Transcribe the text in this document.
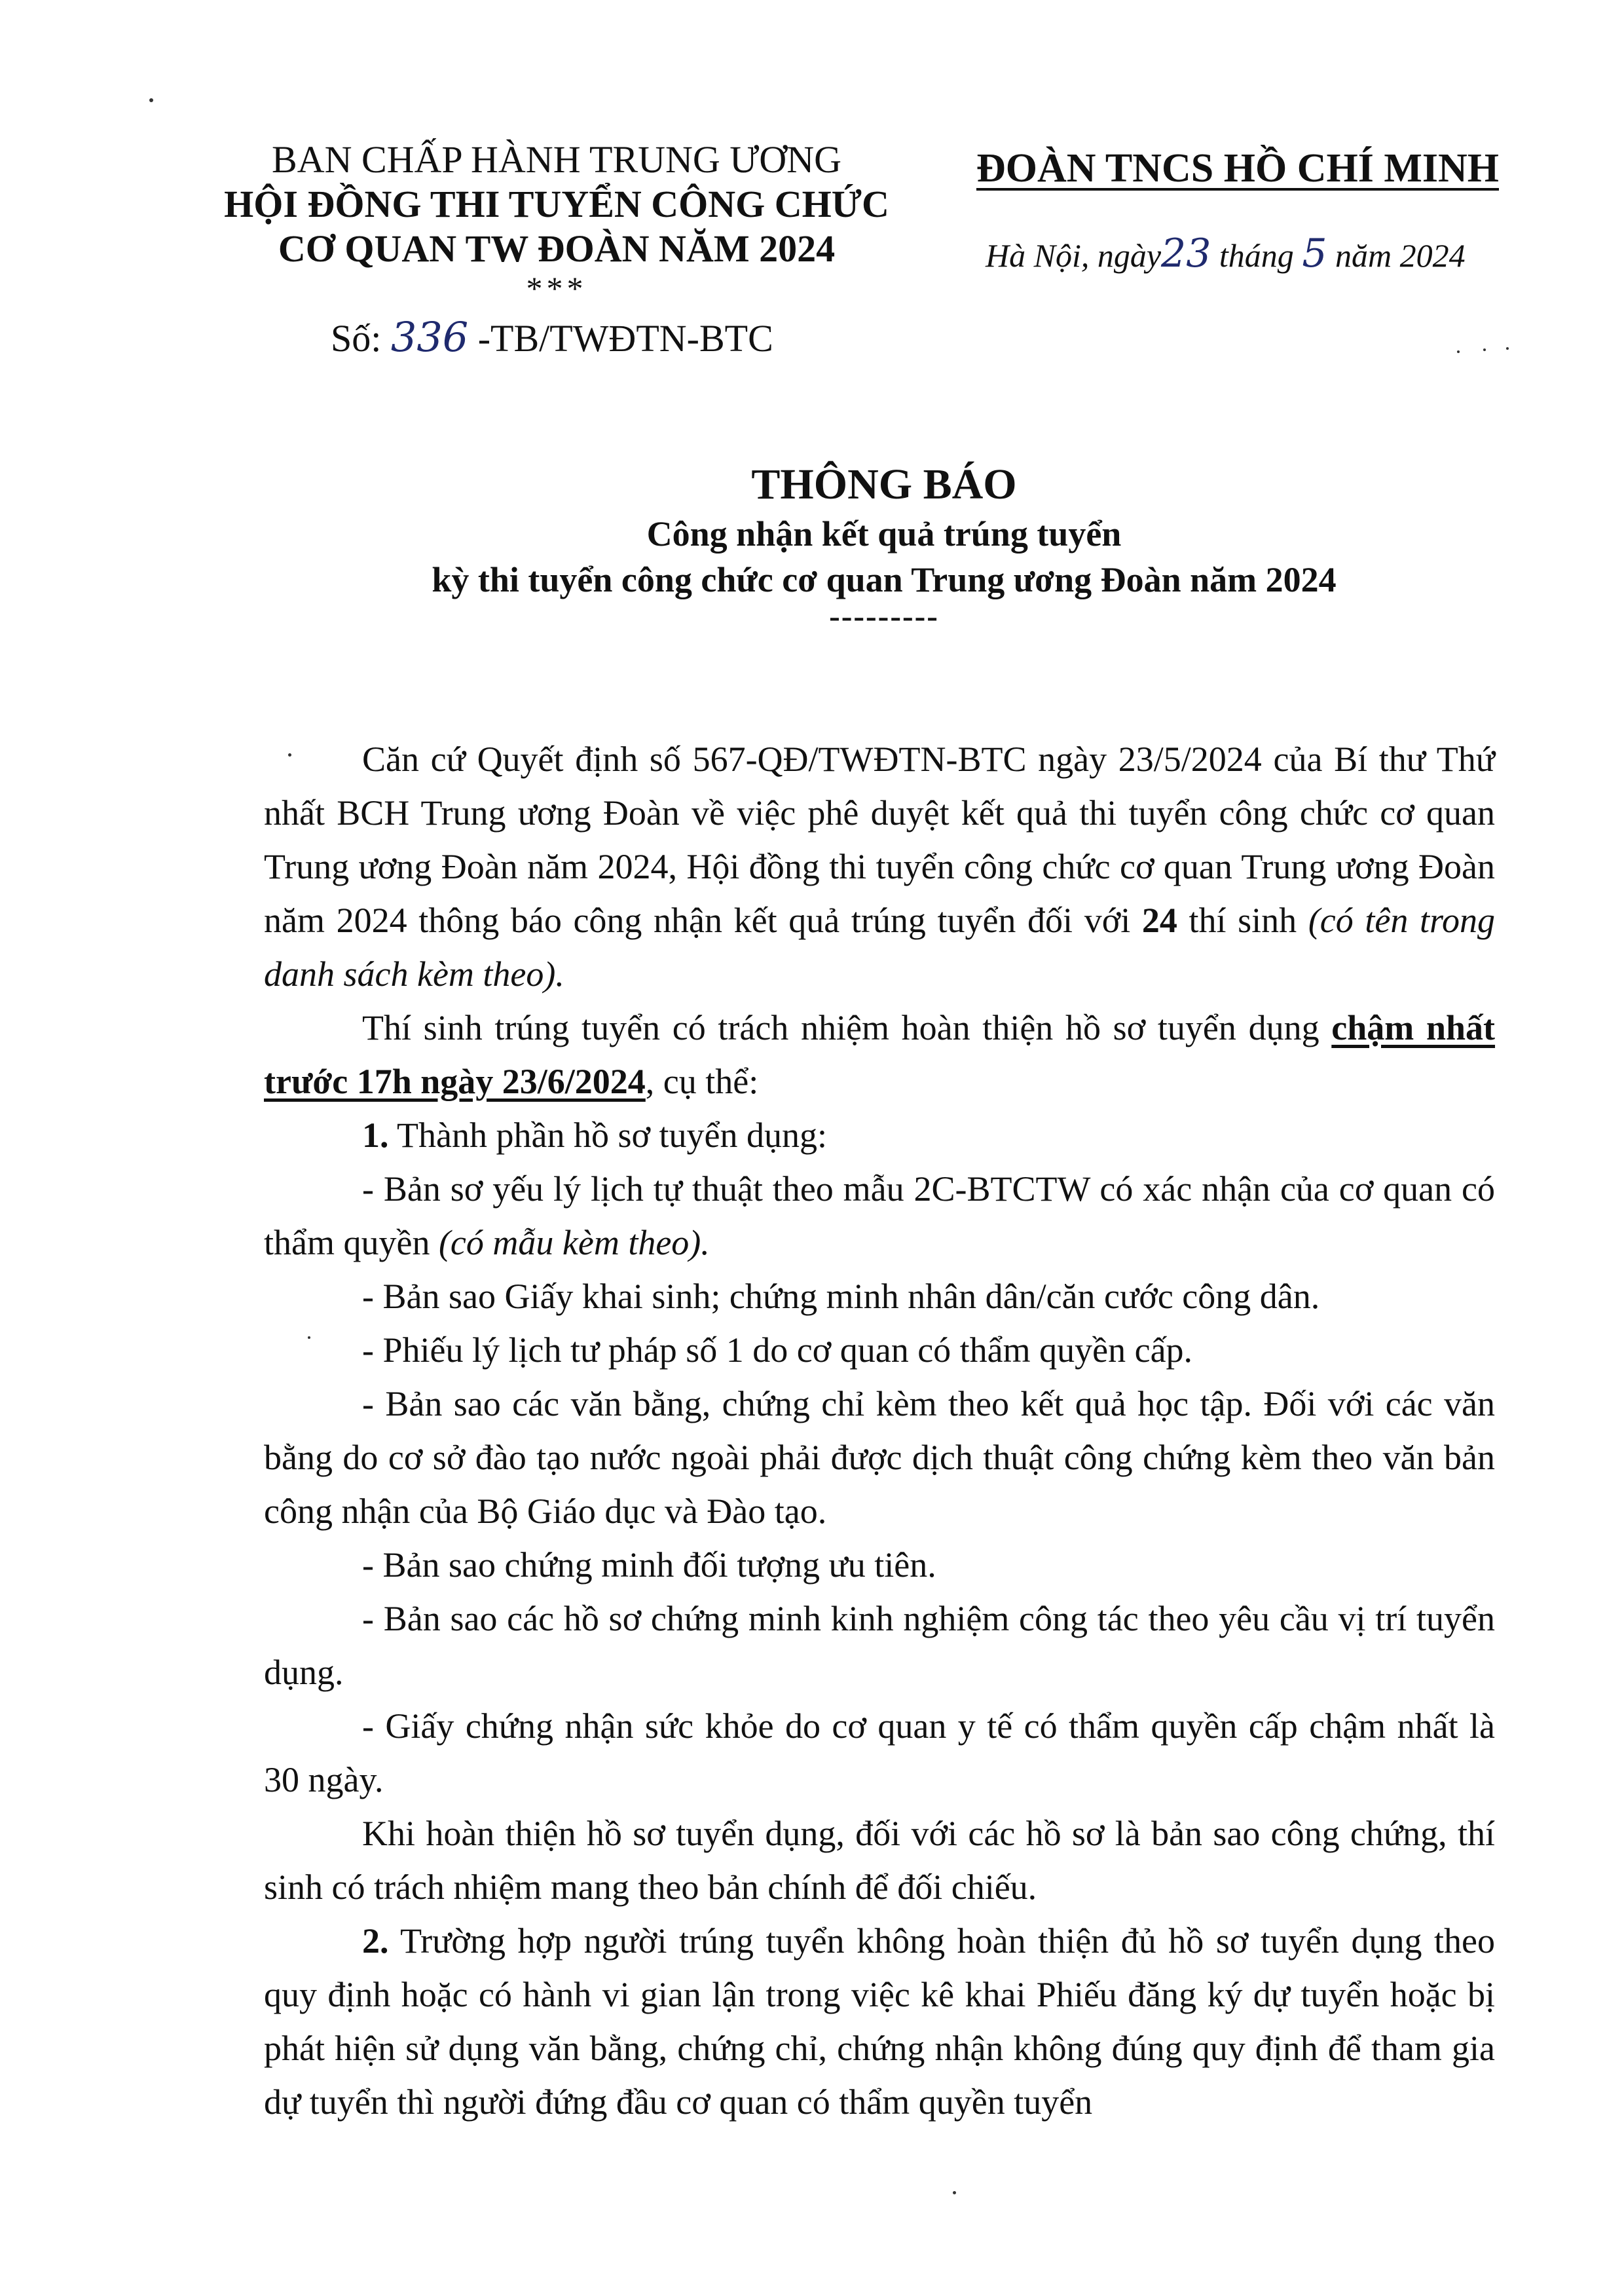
BAN CHẤP HÀNH TRUNG ƯƠNG
HỘI ĐỒNG THI TUYỂN CÔNG CHỨC
CƠ QUAN TW ĐOÀN NĂM 2024
***
Số: 336 -TB/TWĐTN-BTC
ĐOÀN TNCS HỒ CHÍ MINH
Hà Nội, ngày23 tháng 5 năm 2024
THÔNG BÁO
Công nhận kết quả trúng tuyển
kỳ thi tuyển công chức cơ quan Trung ương Đoàn năm 2024
---------

Căn cứ Quyết định số 567-QĐ/TWĐTN-BTC ngày 23/5/2024 của Bí thư Thứ nhất BCH Trung ương Đoàn về việc phê duyệt kết quả thi tuyển công chức cơ quan Trung ương Đoàn năm 2024, Hội đồng thi tuyển công chức cơ quan Trung ương Đoàn năm 2024 thông báo công nhận kết quả trúng tuyển đối với 24 thí sinh (có tên trong danh sách kèm theo).

Thí sinh trúng tuyển có trách nhiệm hoàn thiện hồ sơ tuyển dụng chậm nhất trước 17h ngày 23/6/2024, cụ thể:

1. Thành phần hồ sơ tuyển dụng:

- Bản sơ yếu lý lịch tự thuật theo mẫu 2C-BTCTW có xác nhận của cơ quan có thẩm quyền (có mẫu kèm theo).

- Bản sao Giấy khai sinh; chứng minh nhân dân/căn cước công dân.

- Phiếu lý lịch tư pháp số 1 do cơ quan có thẩm quyền cấp.

- Bản sao các văn bằng, chứng chỉ kèm theo kết quả học tập. Đối với các văn bằng do cơ sở đào tạo nước ngoài phải được dịch thuật công chứng kèm theo văn bản công nhận của Bộ Giáo dục và Đào tạo.

- Bản sao chứng minh đối tượng ưu tiên.

- Bản sao các hồ sơ chứng minh kinh nghiệm công tác theo yêu cầu vị trí tuyển dụng.

- Giấy chứng nhận sức khỏe do cơ quan y tế có thẩm quyền cấp chậm nhất là 30 ngày.

Khi hoàn thiện hồ sơ tuyển dụng, đối với các hồ sơ là bản sao công chứng, thí sinh có trách nhiệm mang theo bản chính để đối chiếu.

2. Trường hợp người trúng tuyển không hoàn thiện đủ hồ sơ tuyển dụng theo quy định hoặc có hành vi gian lận trong việc kê khai Phiếu đăng ký dự tuyển hoặc bị phát hiện sử dụng văn bằng, chứng chỉ, chứng nhận không đúng quy định để tham gia dự tuyển thì người đứng đầu cơ quan có thẩm quyền tuyển
